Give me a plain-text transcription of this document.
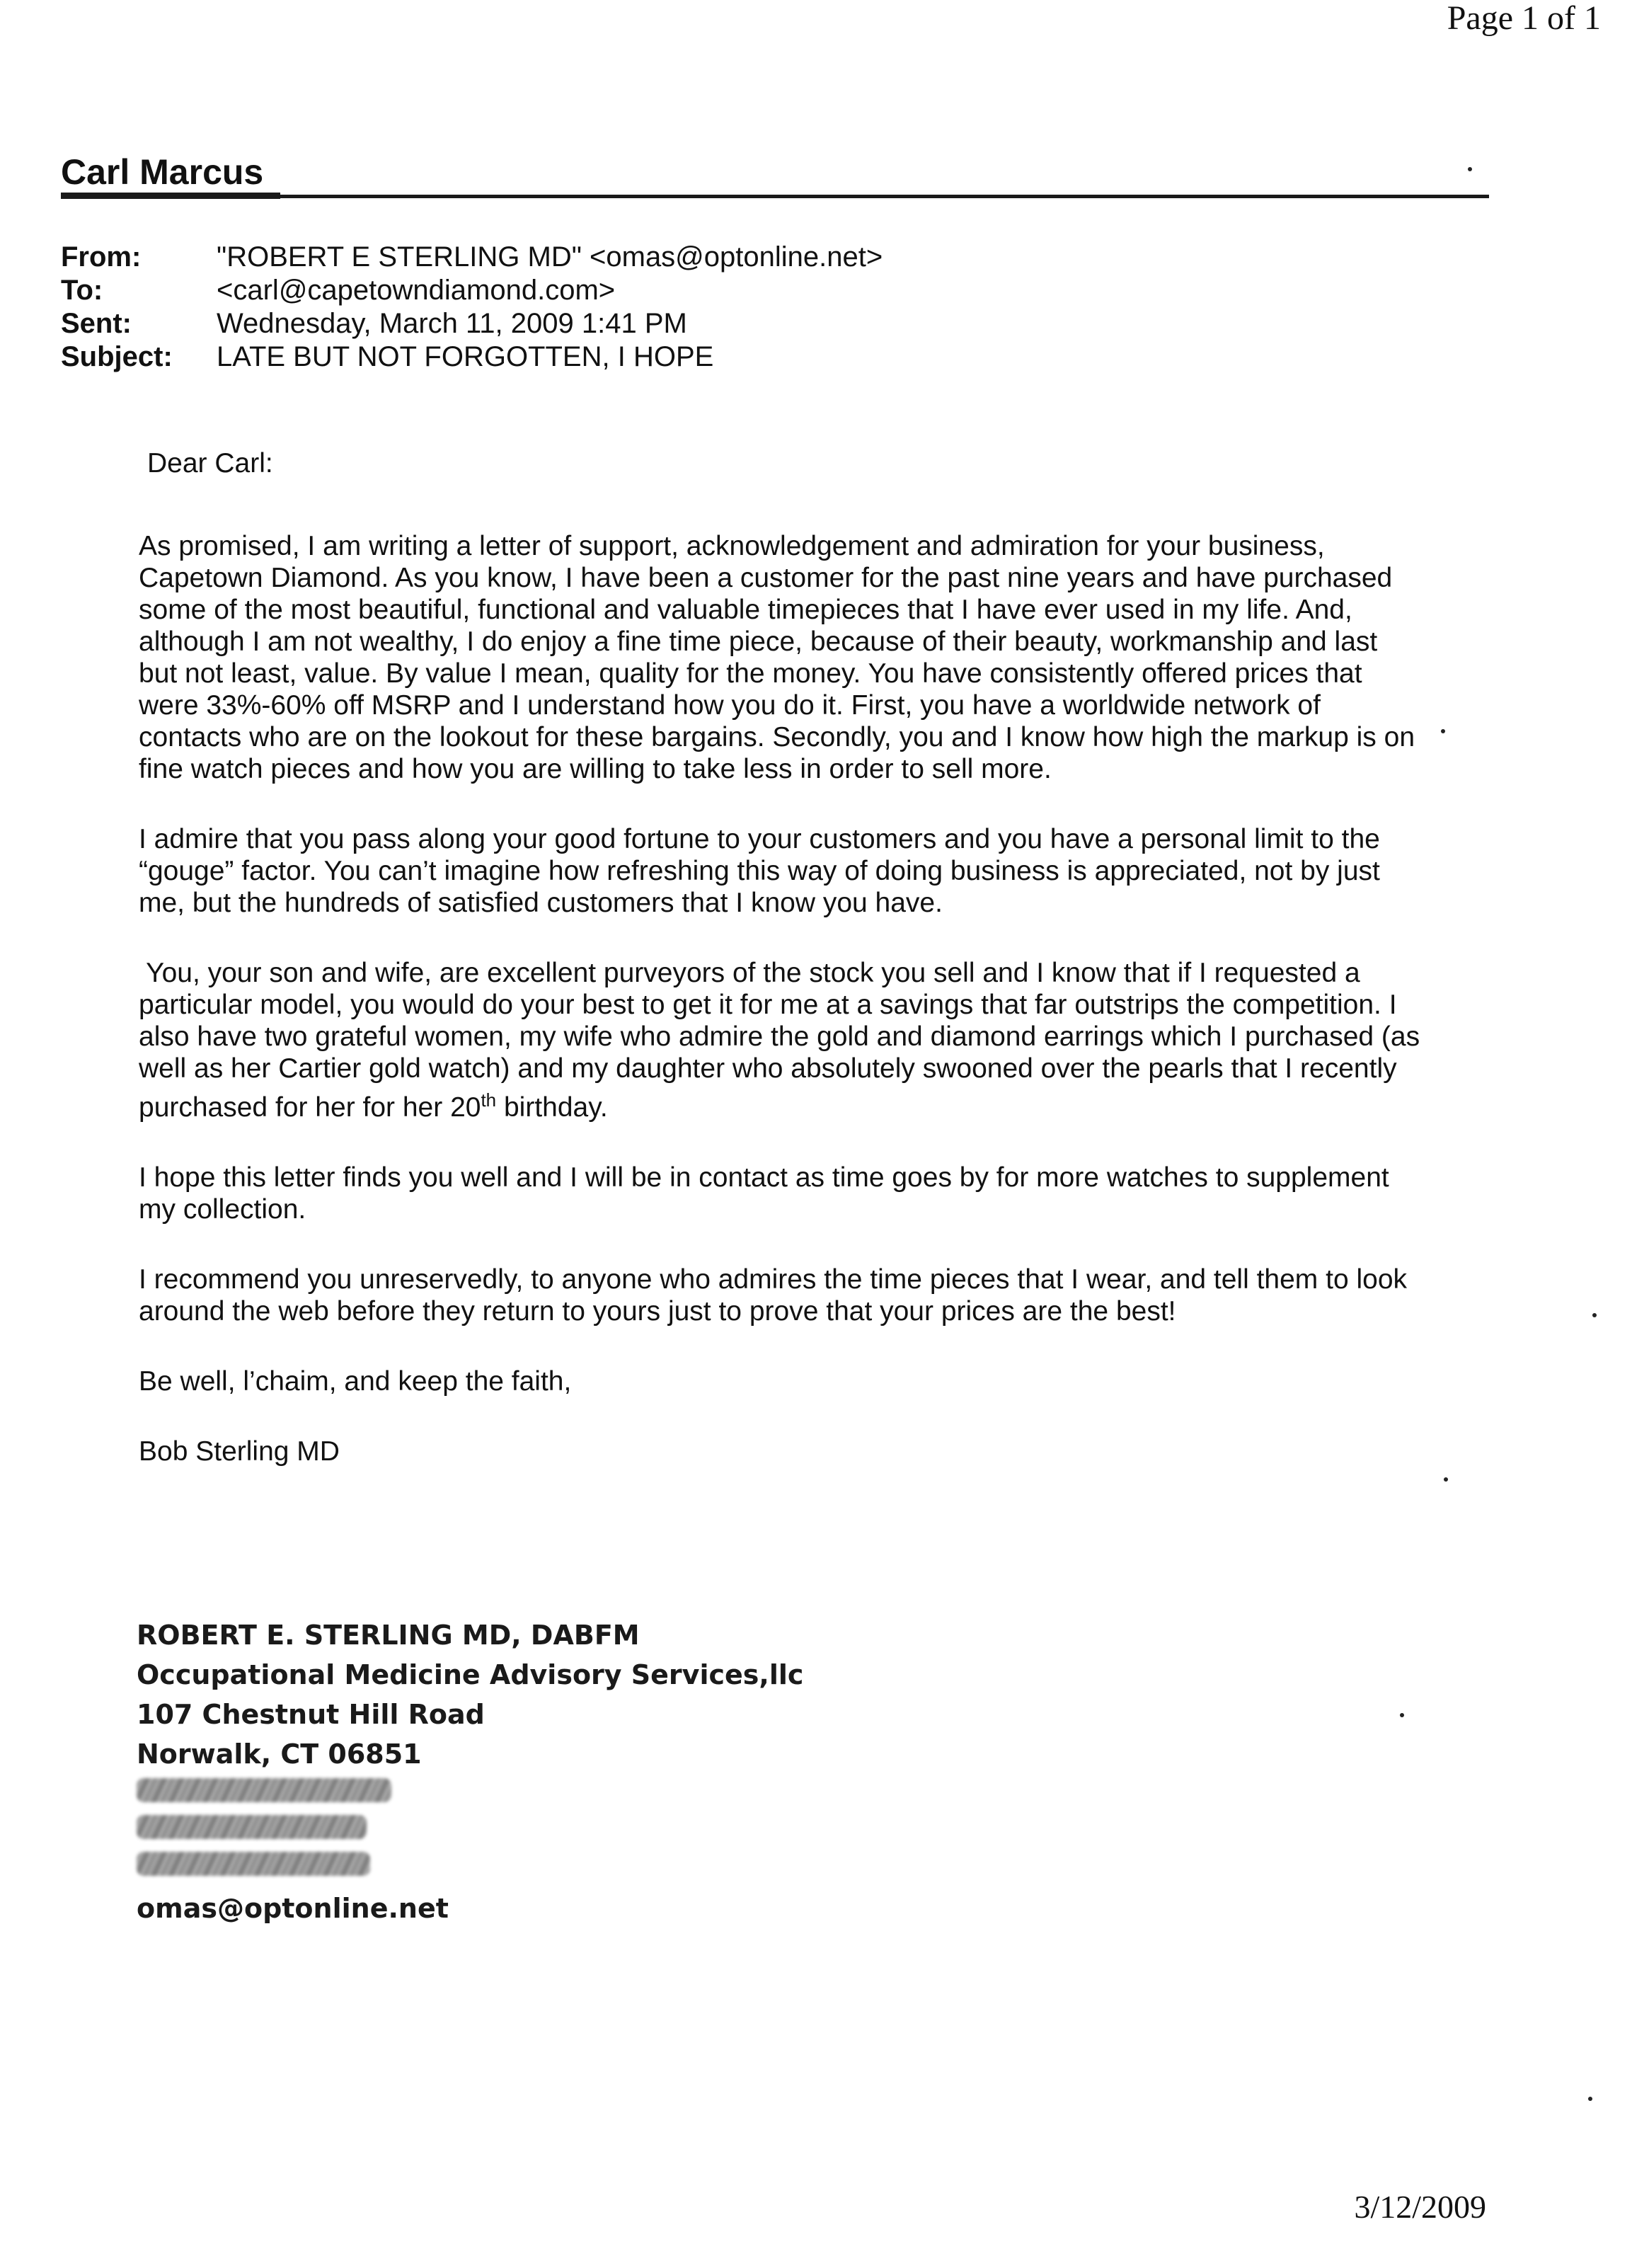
Page 1 of 1
Carl Marcus
From:	"ROBERT E STERLING MD" <omas@optonline.net>
To:	<carl@capetowndiamond.com>
Sent:	Wednesday, March 11, 2009 1:41 PM
Subject:	LATE BUT NOT FORGOTTEN, I HOPE

Dear Carl:

As promised, I am writing a letter of support, acknowledgement and admiration for your business,

Capetown Diamond. As you know, I have been a customer for the past nine years and have purchased

some of the most beautiful, functional and valuable timepieces that I have ever used in my life. And,

although I am not wealthy, I do enjoy a fine time piece, because of their beauty, workmanship and last

but not least, value. By value I mean, quality for the money. You have consistently offered prices that

were 33%-60% off MSRP and I understand how you do it. First, you have a worldwide network of

contacts who are on the lookout for these bargains. Secondly, you and I know how high the markup is on

fine watch pieces and how you are willing to take less in order to sell more.

I admire that you pass along your good fortune to your customers and you have a personal limit to the

“gouge” factor. You can’t imagine how refreshing this way of doing business is appreciated, not by just

me, but the hundreds of satisfied customers that I know you have.

You, your son and wife, are excellent purveyors of the stock you sell and I know that if I requested a

particular model, you would do your best to get it for me at a savings that far outstrips the competition. I

also have two grateful women, my wife who admire the gold and diamond earrings which I purchased (as

well as her Cartier gold watch) and my daughter who absolutely swooned over the pearls that I recently

purchased for her for her 20th birthday.

I hope this letter finds you well and I will be in contact as time goes by for more watches to supplement

my collection.

I recommend you unreservedly, to anyone who admires the time pieces that I wear, and tell them to look

around the web before they return to yours just to prove that your prices are the best!

Be well, l’chaim, and keep the faith,

Bob Sterling MD

ROBERT E. STERLING MD, DABFM
Occupational Medicine Advisory Services,llc
107 Chestnut Hill Road
Norwalk, CT 06851
omas@optonline.net
3/12/2009
